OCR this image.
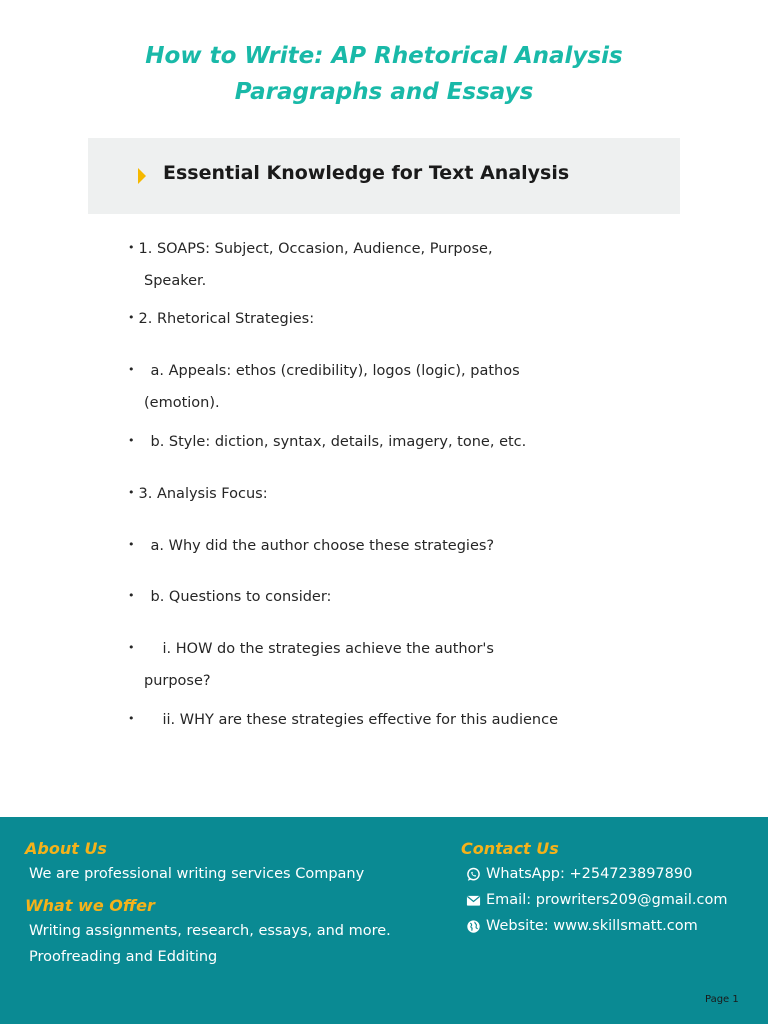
How to Write: AP Rhetorical Analysis Paragraphs and Essays
Essential Knowledge for Text Analysis
• 1. SOAPS: Subject, Occasion, Audience, Purpose,
Speaker.
• 2. Rhetorical Strategies:
• a. Appeals: ethos (credibility), logos (logic), pathos
(emotion).
• b. Style: diction, syntax, details, imagery, tone, etc.
• 3. Analysis Focus:
• a. Why did the author choose these strategies?
• b. Questions to consider:
• i. HOW do the strategies achieve the author's
purpose?
• ii. WHY are these strategies effective for this audience
About Us
We are professional writing services Company
What we Offer
Writing assignments, research, essays, and more.
Proofreading and Edditing
Contact Us
WhatsApp: +254723897890
Email: prowriters209@gmail.com
Website: www.skillsmatt.com
Page 1
